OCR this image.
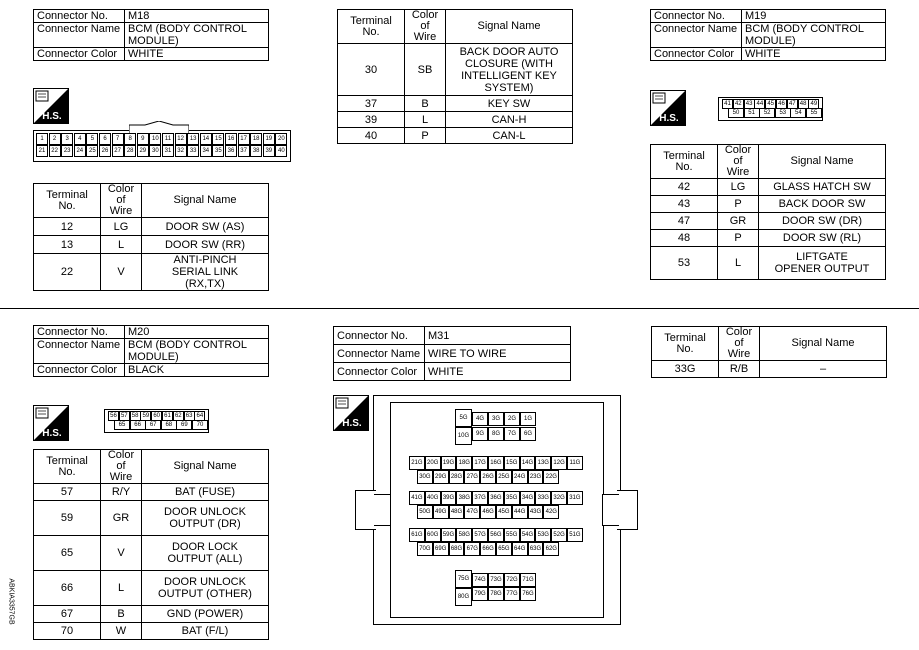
Connector No.	M18
Connector Name	BCM (BODY CONTROL MODULE)
Connector Color	WHITE
H.S.
1	2	3	4	5	6	7	8	9	10	11	12 13 14 15 16 17 18 19 20
21 22 23 24 25 26 27 28 29 30 31 32 33 34 35 36 37 38 39 40
Terminal No.	Color of Wire	Signal Name
12	LG	DOOR SW (AS)
13	L	DOOR SW (RR)
22	V	ANTI-PINCH SERIAL LINK (RX,TX)
Terminal No.	Color of Wire	Signal Name
30	SB	BACK DOOR AUTO CLOSURE (WITH INTELLIGENT KEY SYSTEM)
37	B	KEY SW
39	L	CAN-H
40	P	CAN-L
Connector No.	M19
Connector Name	BCM (BODY CONTROL MODULE)
Connector Color	WHITE
H.S.
41 42 43 44 45 46 47 48 49
50	51	52	53	54	55
Terminal No.	Color of Wire	Signal Name
42	LG	GLASS HATCH SW
43	P	BACK DOOR SW
47	GR	DOOR SW (DR)
48	P	DOOR SW (RL)
53	L	LIFTGATE OPENER OUTPUT
Connector No.	M20
Connector Name	BCM (BODY CONTROL MODULE)
Connector Color	BLACK
H.S.
56 57 58 59 60 61 62 63 64
65	66	67	68	69	70
Terminal No.	Color of Wire	Signal Name
57	R/Y	BAT (FUSE)
59	GR	DOOR UNLOCK OUTPUT (DR)
65	V	DOOR LOCK OUTPUT (ALL)
66	L	DOOR UNLOCK OUTPUT (OTHER)
67	B	GND (POWER)
70	W	BAT (F/L)
Connector No.	M31
Connector Name	WIRE TO WIRE
Connector Color	WHITE
H.S.	5G	4G	3G	2G	1G
10G	9G	8G	7G	6G
21G 20G 19G 18G 17G 16G 15G 14G 13G 12G 11G
30G 29G 28G 27G 26G 25G 24G 23G 22G
41G 40G 39G 38G 37G 36G 35G 34G 33G 32G 31G
50G 49G 48G 47G 46G 45G 44G 43G 42G
61G 60G 59G 58G 57G 56G 55G 54G 53G 52G 51G
70G 69G 68G 67G 66G 65G 64G 63G 62G
75G 74G 73G 72G 71G
80G 79G 78G 77G 76G
Terminal No.	Color of Wire	Signal Name
33G	R/B	–
ABKIA3357GB
